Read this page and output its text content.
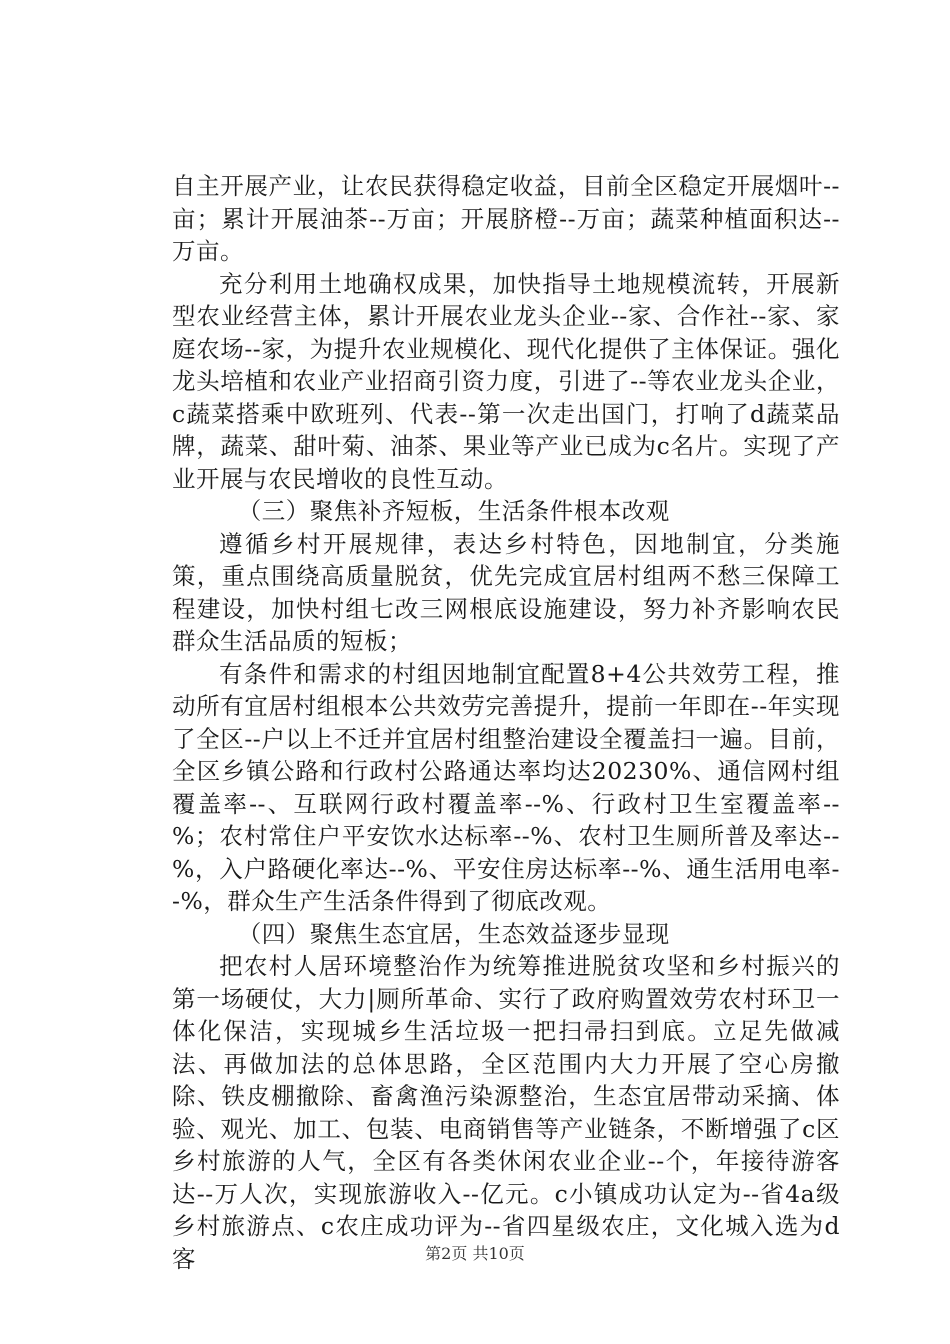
自主开展产业，让农民获得稳定收益，目前全区稳定开展烟叶--亩；累计开展油茶--万亩；开展脐橙--万亩；蔬菜种植面积达--万亩。

充分利用土地确权成果，加快指导土地规模流转，开展新型农业经营主体，累计开展农业龙头企业--家、合作社--家、家庭农场--家，为提升农业规模化、现代化提供了主体保证。强化龙头培植和农业产业招商引资力度，引进了--等农业龙头企业，c蔬菜搭乘中欧班列、代表--第一次走出国门，打响了d蔬菜品牌，蔬菜、甜叶菊、油茶、果业等产业已成为c名片。实现了产业开展与农民增收的良性互动。

（三）聚焦补齐短板，生活条件根本改观

遵循乡村开展规律，表达乡村特色，因地制宜，分类施策，重点围绕高质量脱贫，优先完成宜居村组两不愁三保障工程建设，加快村组七改三网根底设施建设，努力补齐影响农民群众生活品质的短板；

有条件和需求的村组因地制宜配置8+4公共效劳工程，推动所有宜居村组根本公共效劳完善提升，提前一年即在--年实现了全区--户以上不迁并宜居村组整治建设全覆盖扫一遍。目前，全区乡镇公路和行政村公路通达率均达20230%、通信网村组覆盖率--、互联网行政村覆盖率--%、行政村卫生室覆盖率--%；农村常住户平安饮水达标率--%、农村卫生厕所普及率达--%，入户路硬化率达--%、平安住房达标率--%、通生活用电率--%，群众生产生活条件得到了彻底改观。

（四）聚焦生态宜居，生态效益逐步显现

把农村人居环境整治作为统筹推进脱贫攻坚和乡村振兴的第一场硬仗，大力|厕所革命、实行了政府购置效劳农村环卫一体化保洁，实现城乡生活垃圾一把扫帚扫到底。立足先做减法、再做加法的总体思路，全区范围内大力开展了空心房撤除、铁皮棚撤除、畜禽渔污染源整治，生态宜居带动采摘、体验、观光、加工、包装、电商销售等产业链条，不断增强了c区乡村旅游的人气，全区有各类休闲农业企业--个，年接待游客达--万人次，实现旅游收入--亿元。c小镇成功认定为--省4a级乡村旅游点、c农庄成功评为--省四星级农庄，文化城入选为d客	第2页 共10页
